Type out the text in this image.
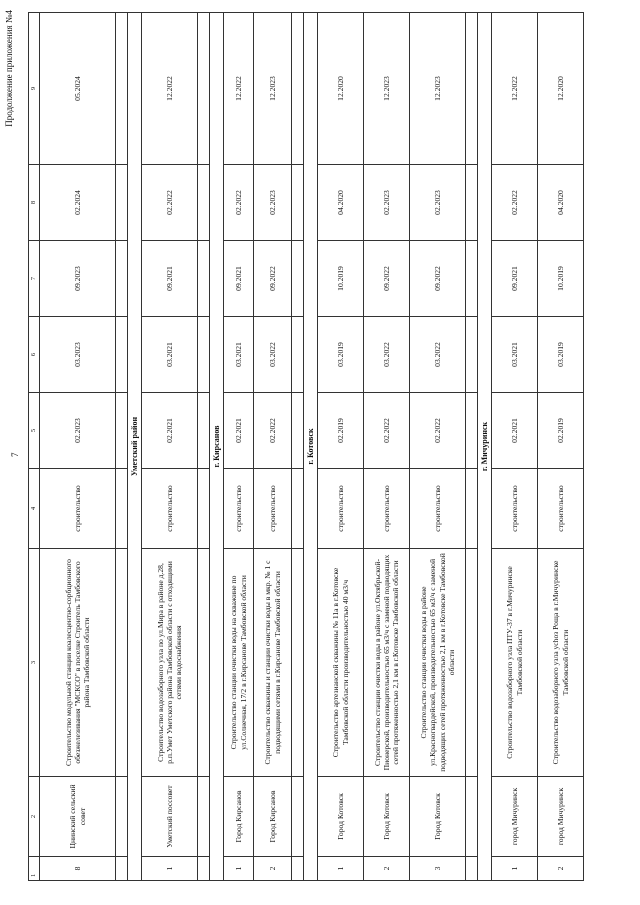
7
Продолжение приложения №4
1	2	3	4	5	6	7	8	9
8	Цнинский сельский совет	Строительство модульной станции коалесцентно-сорбционного обезжелезивания "МСКСО" в поселке Строитель Тамбовского района Тамбовской области	строительство	02.2023	03.2023	09.2023	02.2024	05.2024

Уметский район								
1	Уметский поссовет	Строительство водозаборного узла по ул.Мира в районе д.28, р.п.Умет Уметского района Тамбовской области с отходящими сетями водоснабжения	строительство	02.2021	03.2021	09.2021	02.2022	12.2022

г. Кирсанов								
1	Город Кирсанов	Строительство станции очистки воды на скважине по ул.Солнечная, 17/2 в г.Кирсанове Тамбовской области	строительство	02.2021	03.2021	09.2021	02.2022	12.2022
2	Город Кирсанов	Строительство скважины и станции очистки воды в мкр. № 1 с подводящими сетями в г.Кирсанове Тамбовской области	строительство	02.2022	03.2022	09.2022	02.2023	12.2023

г. Котовск								
1	Город Котовск	Строительство артезианской скважины № 11а в г.Котовске Тамбовской области производительностью 40 м3/ч	строительство	02.2019	03.2019	10.2019	04.2020	12.2020
2	Город Котовск	Строительство станции очистки воды в районе ул.Октябрьской-Пионерской, производительностью 65 м3/ч с заменой подводящих сетей протяженностью 2,1 км в г.Котовске Тамбовской области	строительство	02.2022	03.2022	09.2022	02.2023	12.2023
3	Город Котовск	Строительство станции очистки воды в районе ул.Красногвардейской, производительностью 65 м3/ч с заменой подводящих сетей протяженностью 2,1 км в г.Котовске Тамбовской области	строительство	02.2022	03.2022	09.2022	02.2023	12.2023

г. Мичуринск								
1	город Мичуринск	Строительство водозаборного узла ПТУ-37 в г.Мичуринске Тамбовской области	строительство	02.2021	03.2021	09.2021	02.2022	12.2022
2	город Мичуринск	Строительство водозаборного узла уchоз Роща в г.Мичуринске Тамбовской области	строительство	02.2019	03.2019	10.2019	04.2020	12.2020
